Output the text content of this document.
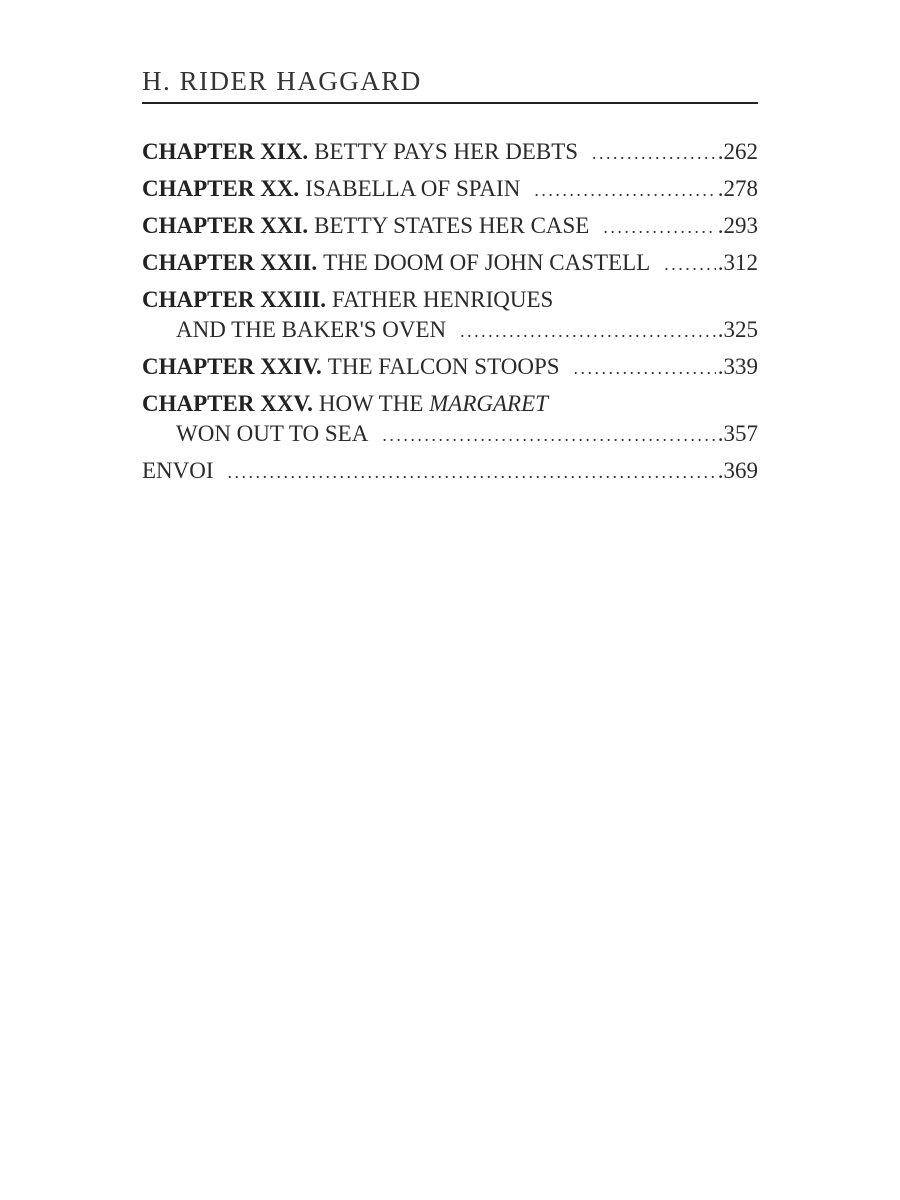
H. RIDER HAGGARD
CHAPTER XIX. BETTY PAYS HER DEBTS . . .	.262
CHAPTER XX. ISABELLA OF SPAIN . . .	.278
CHAPTER XXI. BETTY STATES HER CASE . . .	.293
CHAPTER XXII. THE DOOM OF JOHN CASTELL . . .	.312
CHAPTER XXIII. FATHER HENRIQUES
AND THE BAKER'S OVEN . . .	.325
CHAPTER XXIV. THE FALCON STOOPS . . .	.339
CHAPTER XXV. HOW THE MARGARET
WON OUT TO SEA . . .	.357
ENVOI . . .	.369
